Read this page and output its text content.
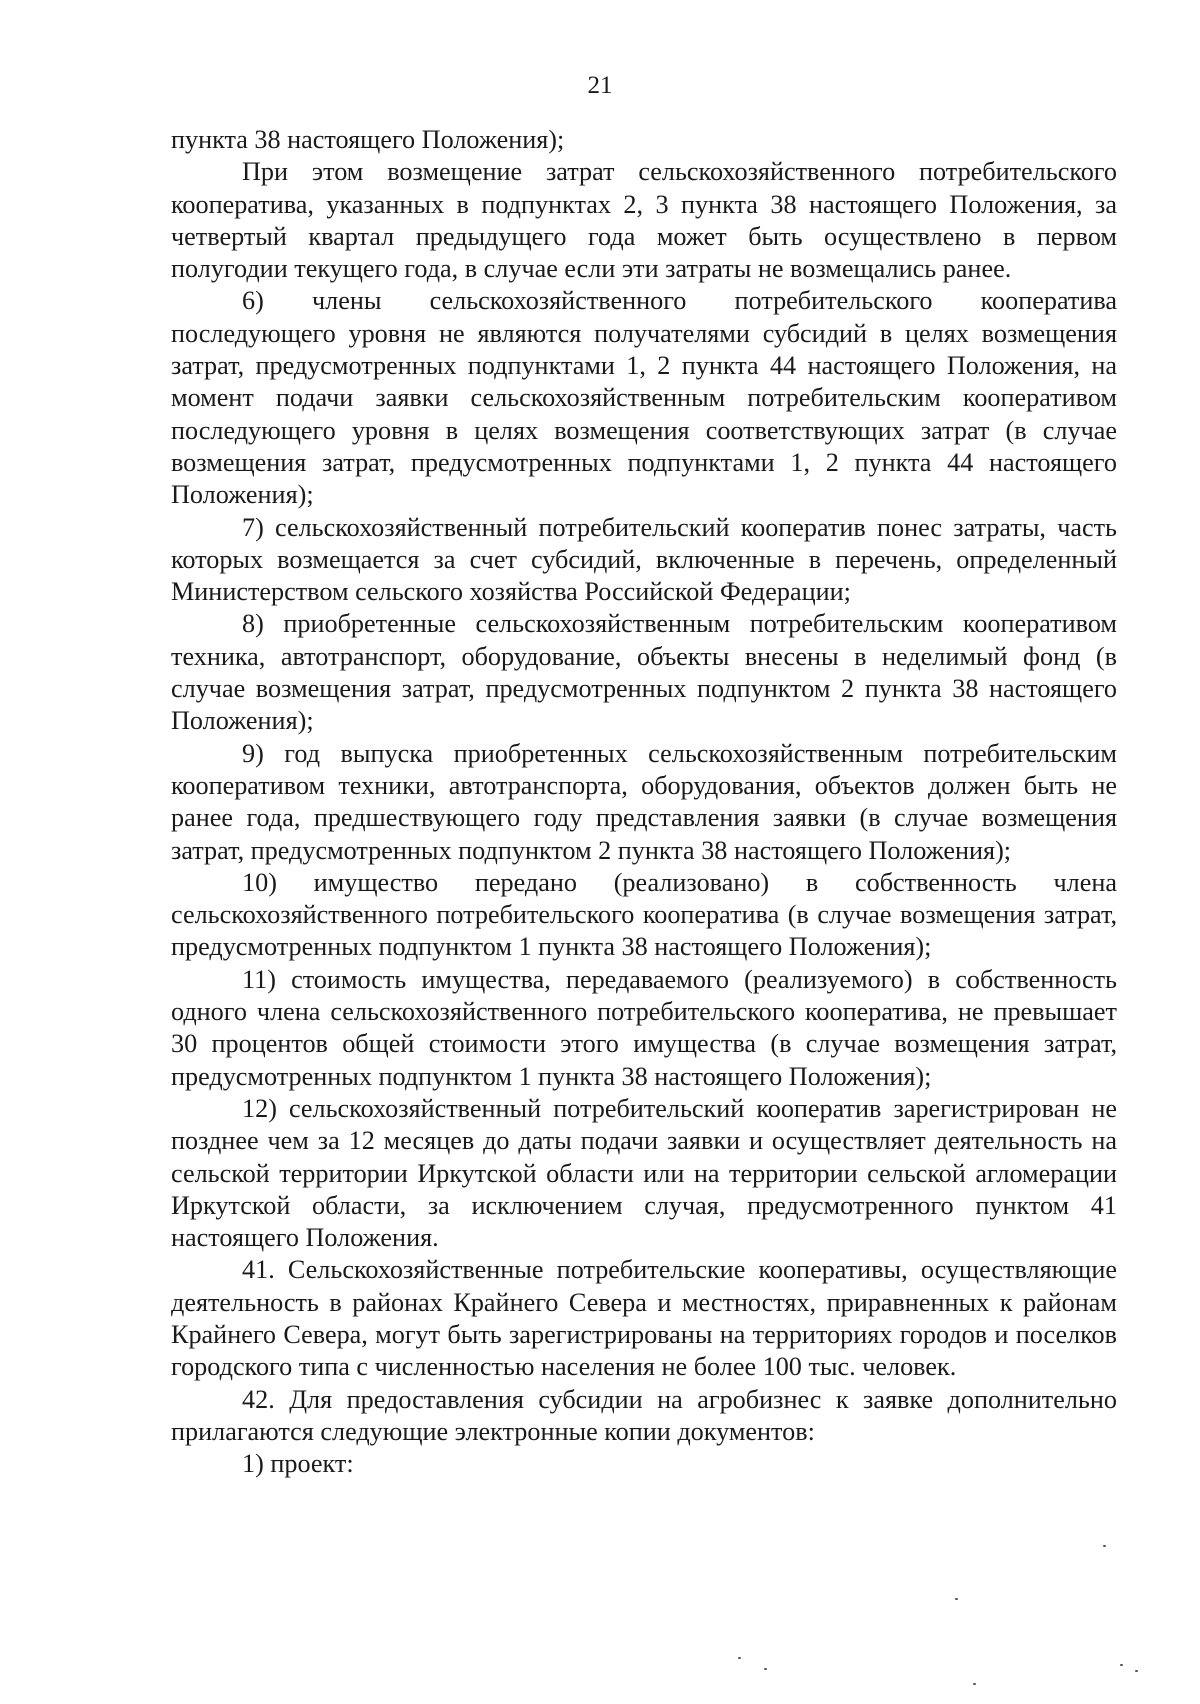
21

пункта 38 настоящего Положения);

При этом возмещение затрат сельскохозяйственного потребительского кооператива, указанных в подпунктах 2, 3 пункта 38 настоящего Положения, за четвертый квартал предыдущего года может быть осуществлено в первом полугодии текущего года, в случае если эти затраты не возмещались ранее.

6) члены сельскохозяйственного потребительского кооператива последующего уровня не являются получателями субсидий в целях возмещения затрат, предусмотренных подпунктами 1, 2 пункта 44 настоящего Положения, на момент подачи заявки сельскохозяйственным потребительским кооперативом последующего уровня в целях возмещения соответствующих затрат (в случае возмещения затрат, предусмотренных подпунктами 1, 2 пункта 44 настоящего Положения);

7) сельскохозяйственный потребительский кооператив понес затраты, часть которых возмещается за счет субсидий, включенные в перечень, определенный Министерством сельского хозяйства Российской Федерации;

8) приобретенные сельскохозяйственным потребительским кооперативом техника, автотранспорт, оборудование, объекты внесены в неделимый фонд (в случае возмещения затрат, предусмотренных подпунктом 2 пункта 38 настоящего Положения);

9) год выпуска приобретенных сельскохозяйственным потребительским кооперативом техники, автотранспорта, оборудования, объектов должен быть не ранее года, предшествующего году представления заявки (в случае возмещения затрат, предусмотренных подпунктом 2 пункта 38 настоящего Положения);

10) имущество передано (реализовано) в собственность члена сельскохозяйственного потребительского кооператива (в случае возмещения затрат, предусмотренных подпунктом 1 пункта 38 настоящего Положения);

11) стоимость имущества, передаваемого (реализуемого) в собственность одного члена сельскохозяйственного потребительского кооператива, не превышает 30 процентов общей стоимости этого имущества (в случае возмещения затрат, предусмотренных подпунктом 1 пункта 38 настоящего Положения);

12) сельскохозяйственный потребительский кооператив зарегистрирован не позднее чем за 12 месяцев до даты подачи заявки и осуществляет деятельность на сельской территории Иркутской области или на территории сельской агломерации Иркутской области, за исключением случая, предусмотренного пунктом 41 настоящего Положения.

41. Сельскохозяйственные потребительские кооперативы, осуществляющие деятельность в районах Крайнего Севера и местностях, приравненных к районам Крайнего Севера, могут быть зарегистрированы на территориях городов и поселков городского типа с численностью населения не более 100 тыс. человек.

42. Для предоставления субсидии на агробизнес к заявке дополнительно прилагаются следующие электронные копии документов:

1) проект:
